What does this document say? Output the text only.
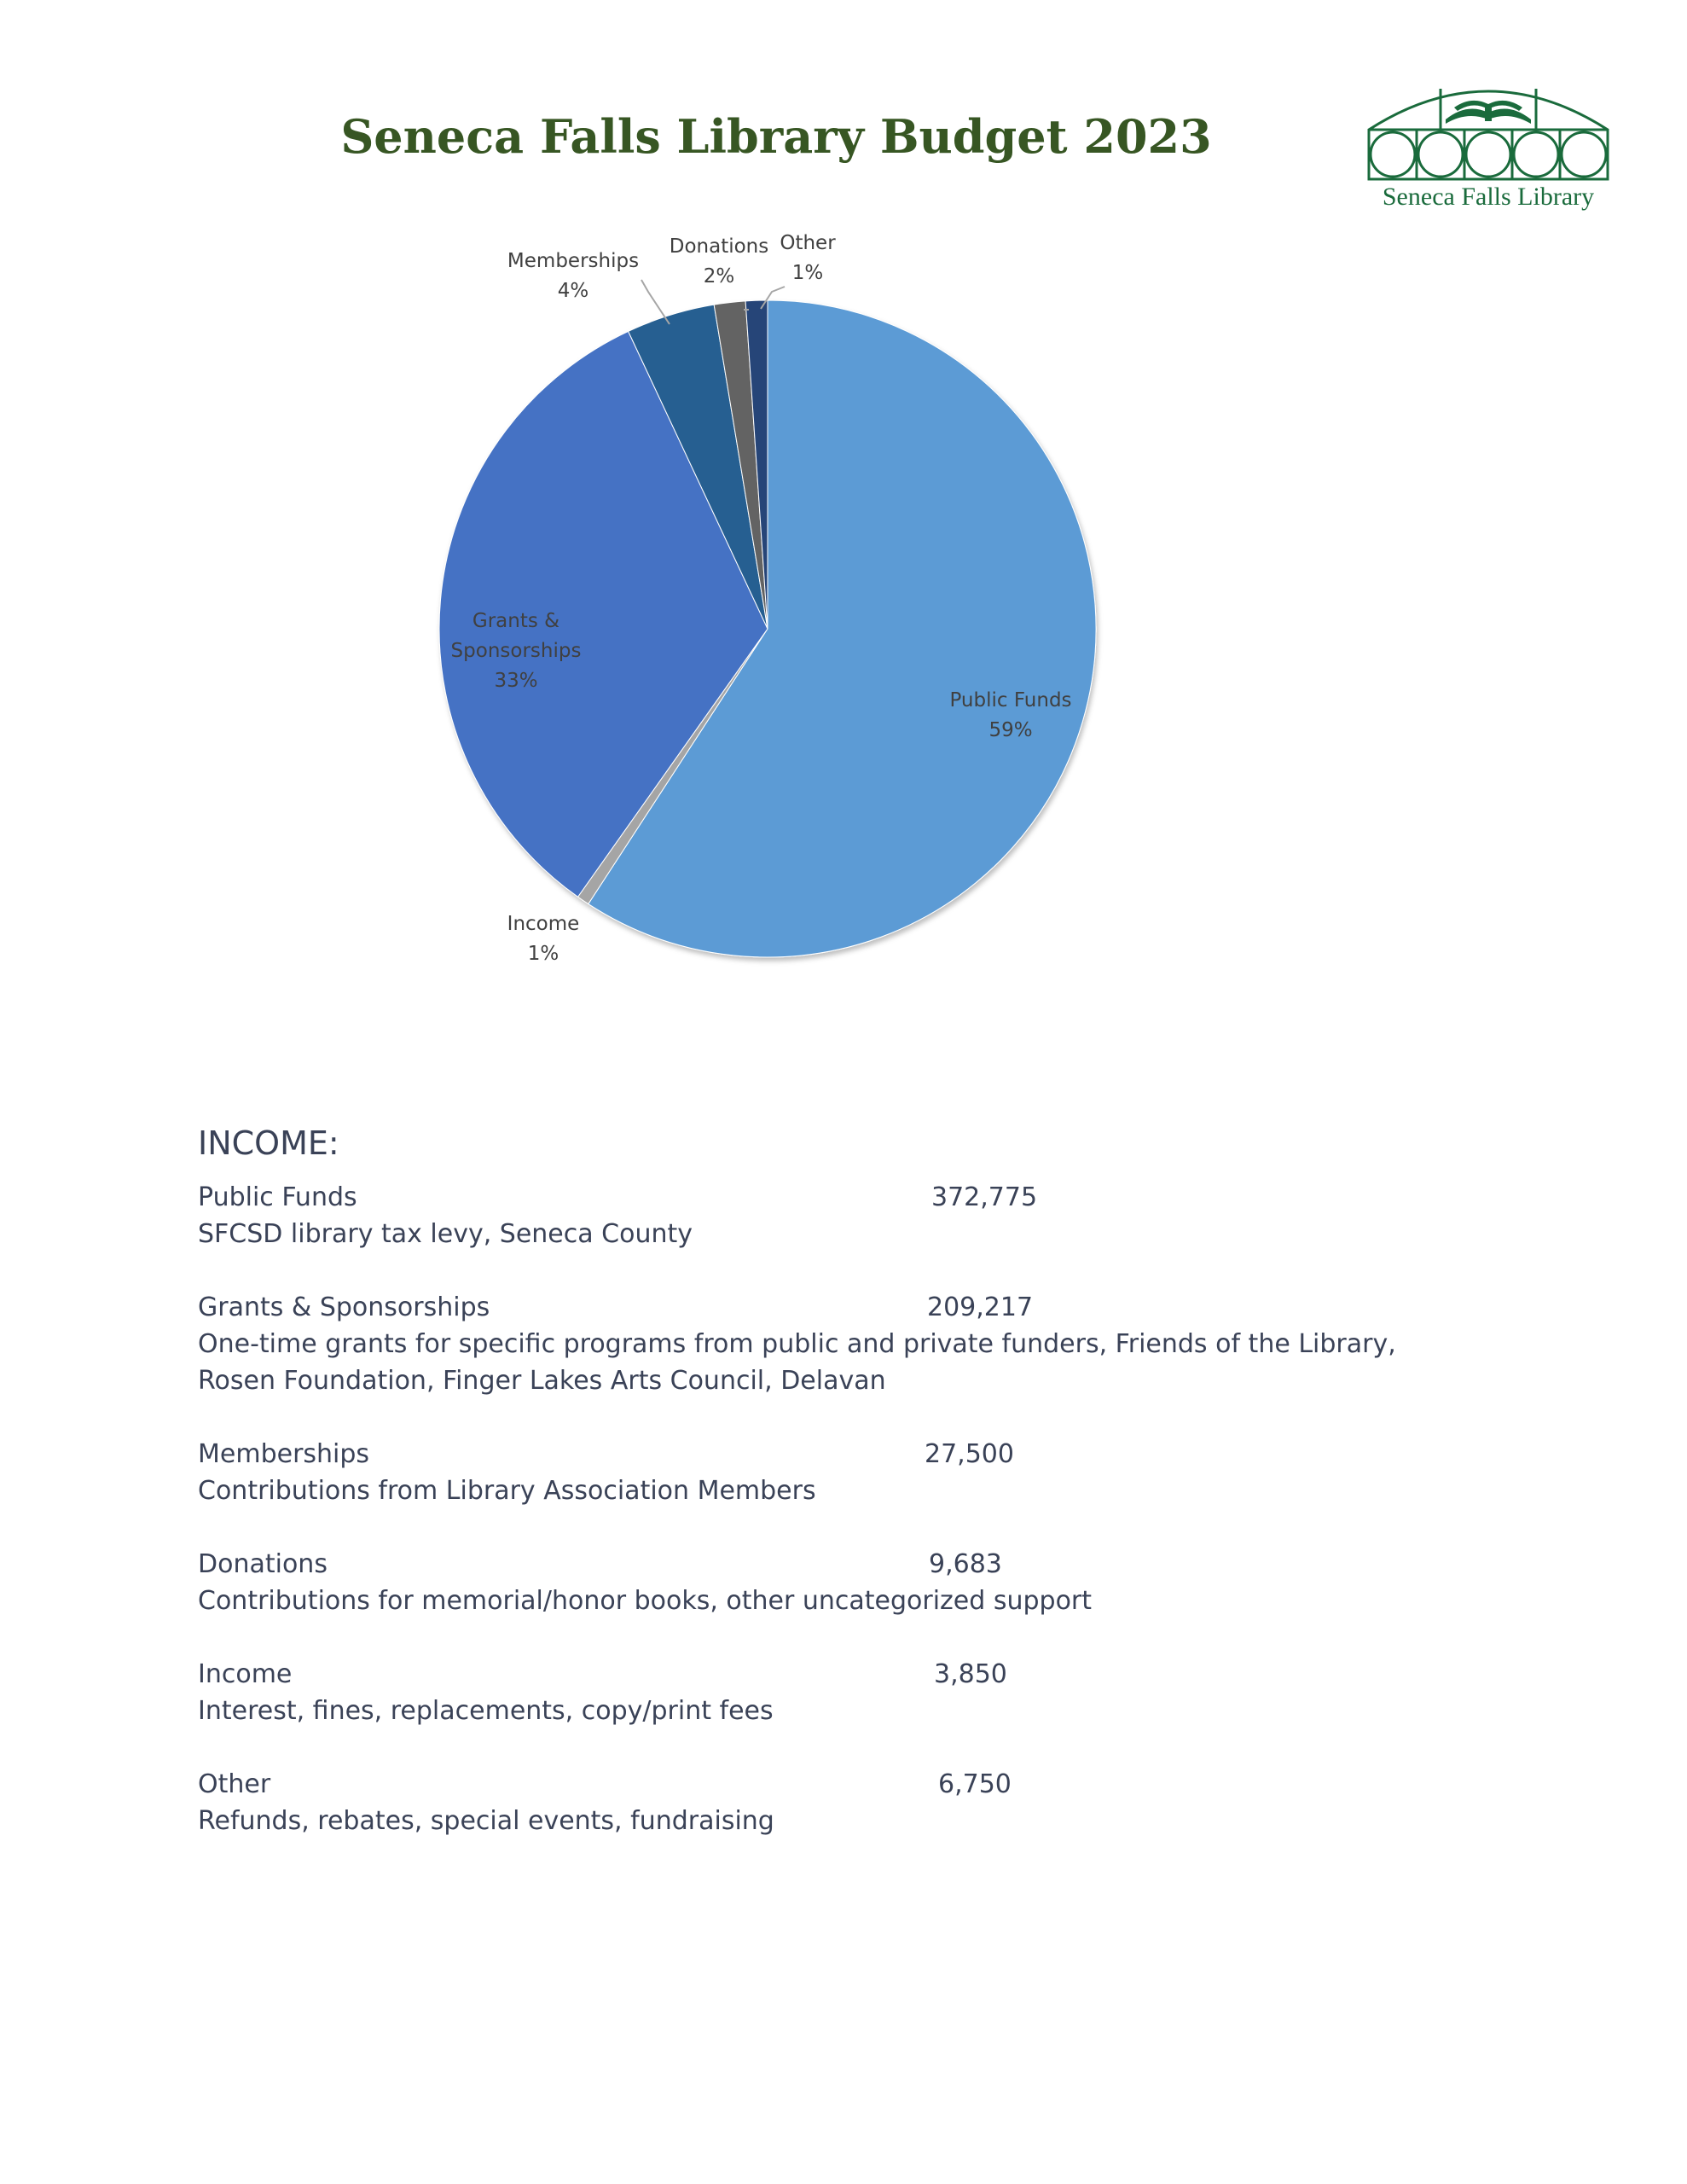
Seneca Falls Library Budget 2023
Seneca Falls Library
Public Funds 59%
Income 1%
Grants & Sponsorships 33%
Memberships 4%
Donations 2%
Other 1%
INCOME:
Public Funds	372,775
SFCSD library tax levy, Seneca County
Grants & Sponsorships	209,217
One-time grants for specific programs from public and private funders, Friends of the Library, Rosen Foundation, Finger Lakes Arts Council, Delavan
Memberships	27,500
Contributions from Library Association Members
Donations	9,683
Contributions for memorial/honor books, other uncategorized support
Income	3,850
Interest, fines, replacements, copy/print fees
Other	6,750
Refunds, rebates, special events, fundraising
